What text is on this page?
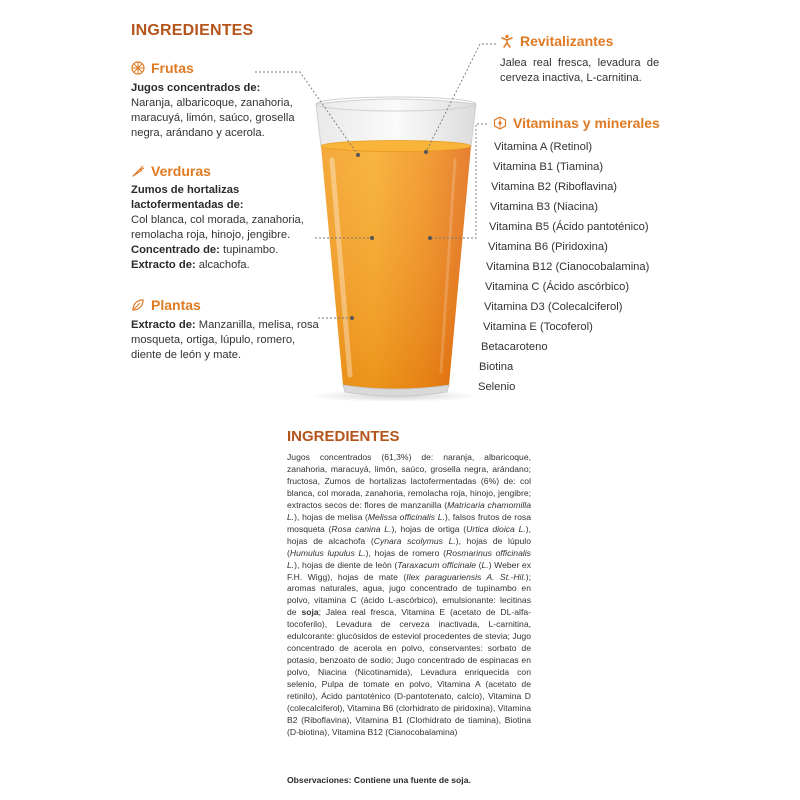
INGREDIENTES
Frutas
Jugos concentrados de:
Naranja, albaricoque, zanahoria,
maracuyá, limón, saúco, grosella
negra, arándano y acerola.
Verduras
Zumos de hortalizas
lactofermentadas de:
Col blanca, col morada, zanahoria,
remolacha roja, hinojo, jengibre.
Concentrado de: tupinambo.
Extracto de: alcachofa.
Plantas
Extracto de: Manzanilla, melisa, rosa
mosqueta, ortiga, lúpulo, romero,
diente de león y mate.
Revitalizantes
Jalea  real  fresca,  levadura  de
cerveza inactiva, L-carnitina.
Vitaminas y minerales
Vitamina A (Retinol)
Vitamina B1 (Tiamina)
Vitamina B2 (Riboflavina)
Vitamina B3 (Niacina)
Vitamina B5 (Ácido pantoténico)
Vitamina B6 (Piridoxina)
Vitamina B12 (Cianocobalamina)
Vitamina C (Ácido ascórbico)
Vitamina D3 (Colecalciferol)
Vitamina E (Tocoferol)
Betacaroteno
Biotina
Selenio
INGREDIENTES
Jugos concentrados (61,3%) de: naranja, albaricoque, zanahoria, maracuyá, limón, saúco, grosella negra, arándano; fructosa, Zumos de hortalizas lactofermentadas (6%) de: col blanca, col morada, zanahoria, remolacha roja, hinojo, jengibre; extractos secos de: flores de manzanilla (Matricaria chamomilla L.), hojas de melisa (Melissa officinalis L.), falsos frutos de rosa mosqueta (Rosa canina L.), hojas de ortiga (Urtica dioica L.), hojas de alcachofa (Cynara scolymus L.), hojas de lúpulo (Humulus lupulus L.), hojas de romero (Rosmarinus officinalis L.), hojas de diente de león (Taraxacum officinale (L.) Weber ex F.H. Wigg), hojas de mate (Ilex paraguariensis A. St.-Hil.); aromas naturales, agua, jugo concentrado de tupinambo en polvo, vitamina C (ácido L-ascórbico), emulsionante: lecitinas de soja; Jalea real fresca, Vitamina E (acetato de DL-alfa-tocoferilo), Levadura de cerveza inactivada, L-carnitina, edulcorante: glucósidos de esteviol procedentes de stevia; Jugo concentrado de acerola en polvo, conservantes: sorbato de potasio, benzoato de sodio; Jugo concentrado de espinacas en polvo, Niacina (Nicotinamida), Levadura enriquecida con selenio, Pulpa de tomate en polvo, Vitamina A (acetato de retinilo), Ácido pantoténico (D-pantotenato, calcio), Vitamina D (colecalciferol), Vitamina B6 (clorhidrato de piridoxina), Vitamina B2 (Riboflavina), Vitamina B1 (Clorhidrato de tiamina), Biotina (D-biotina), Vitamina B12 (Cianocobalamina)
Observaciones: Contiene una fuente de soja.
